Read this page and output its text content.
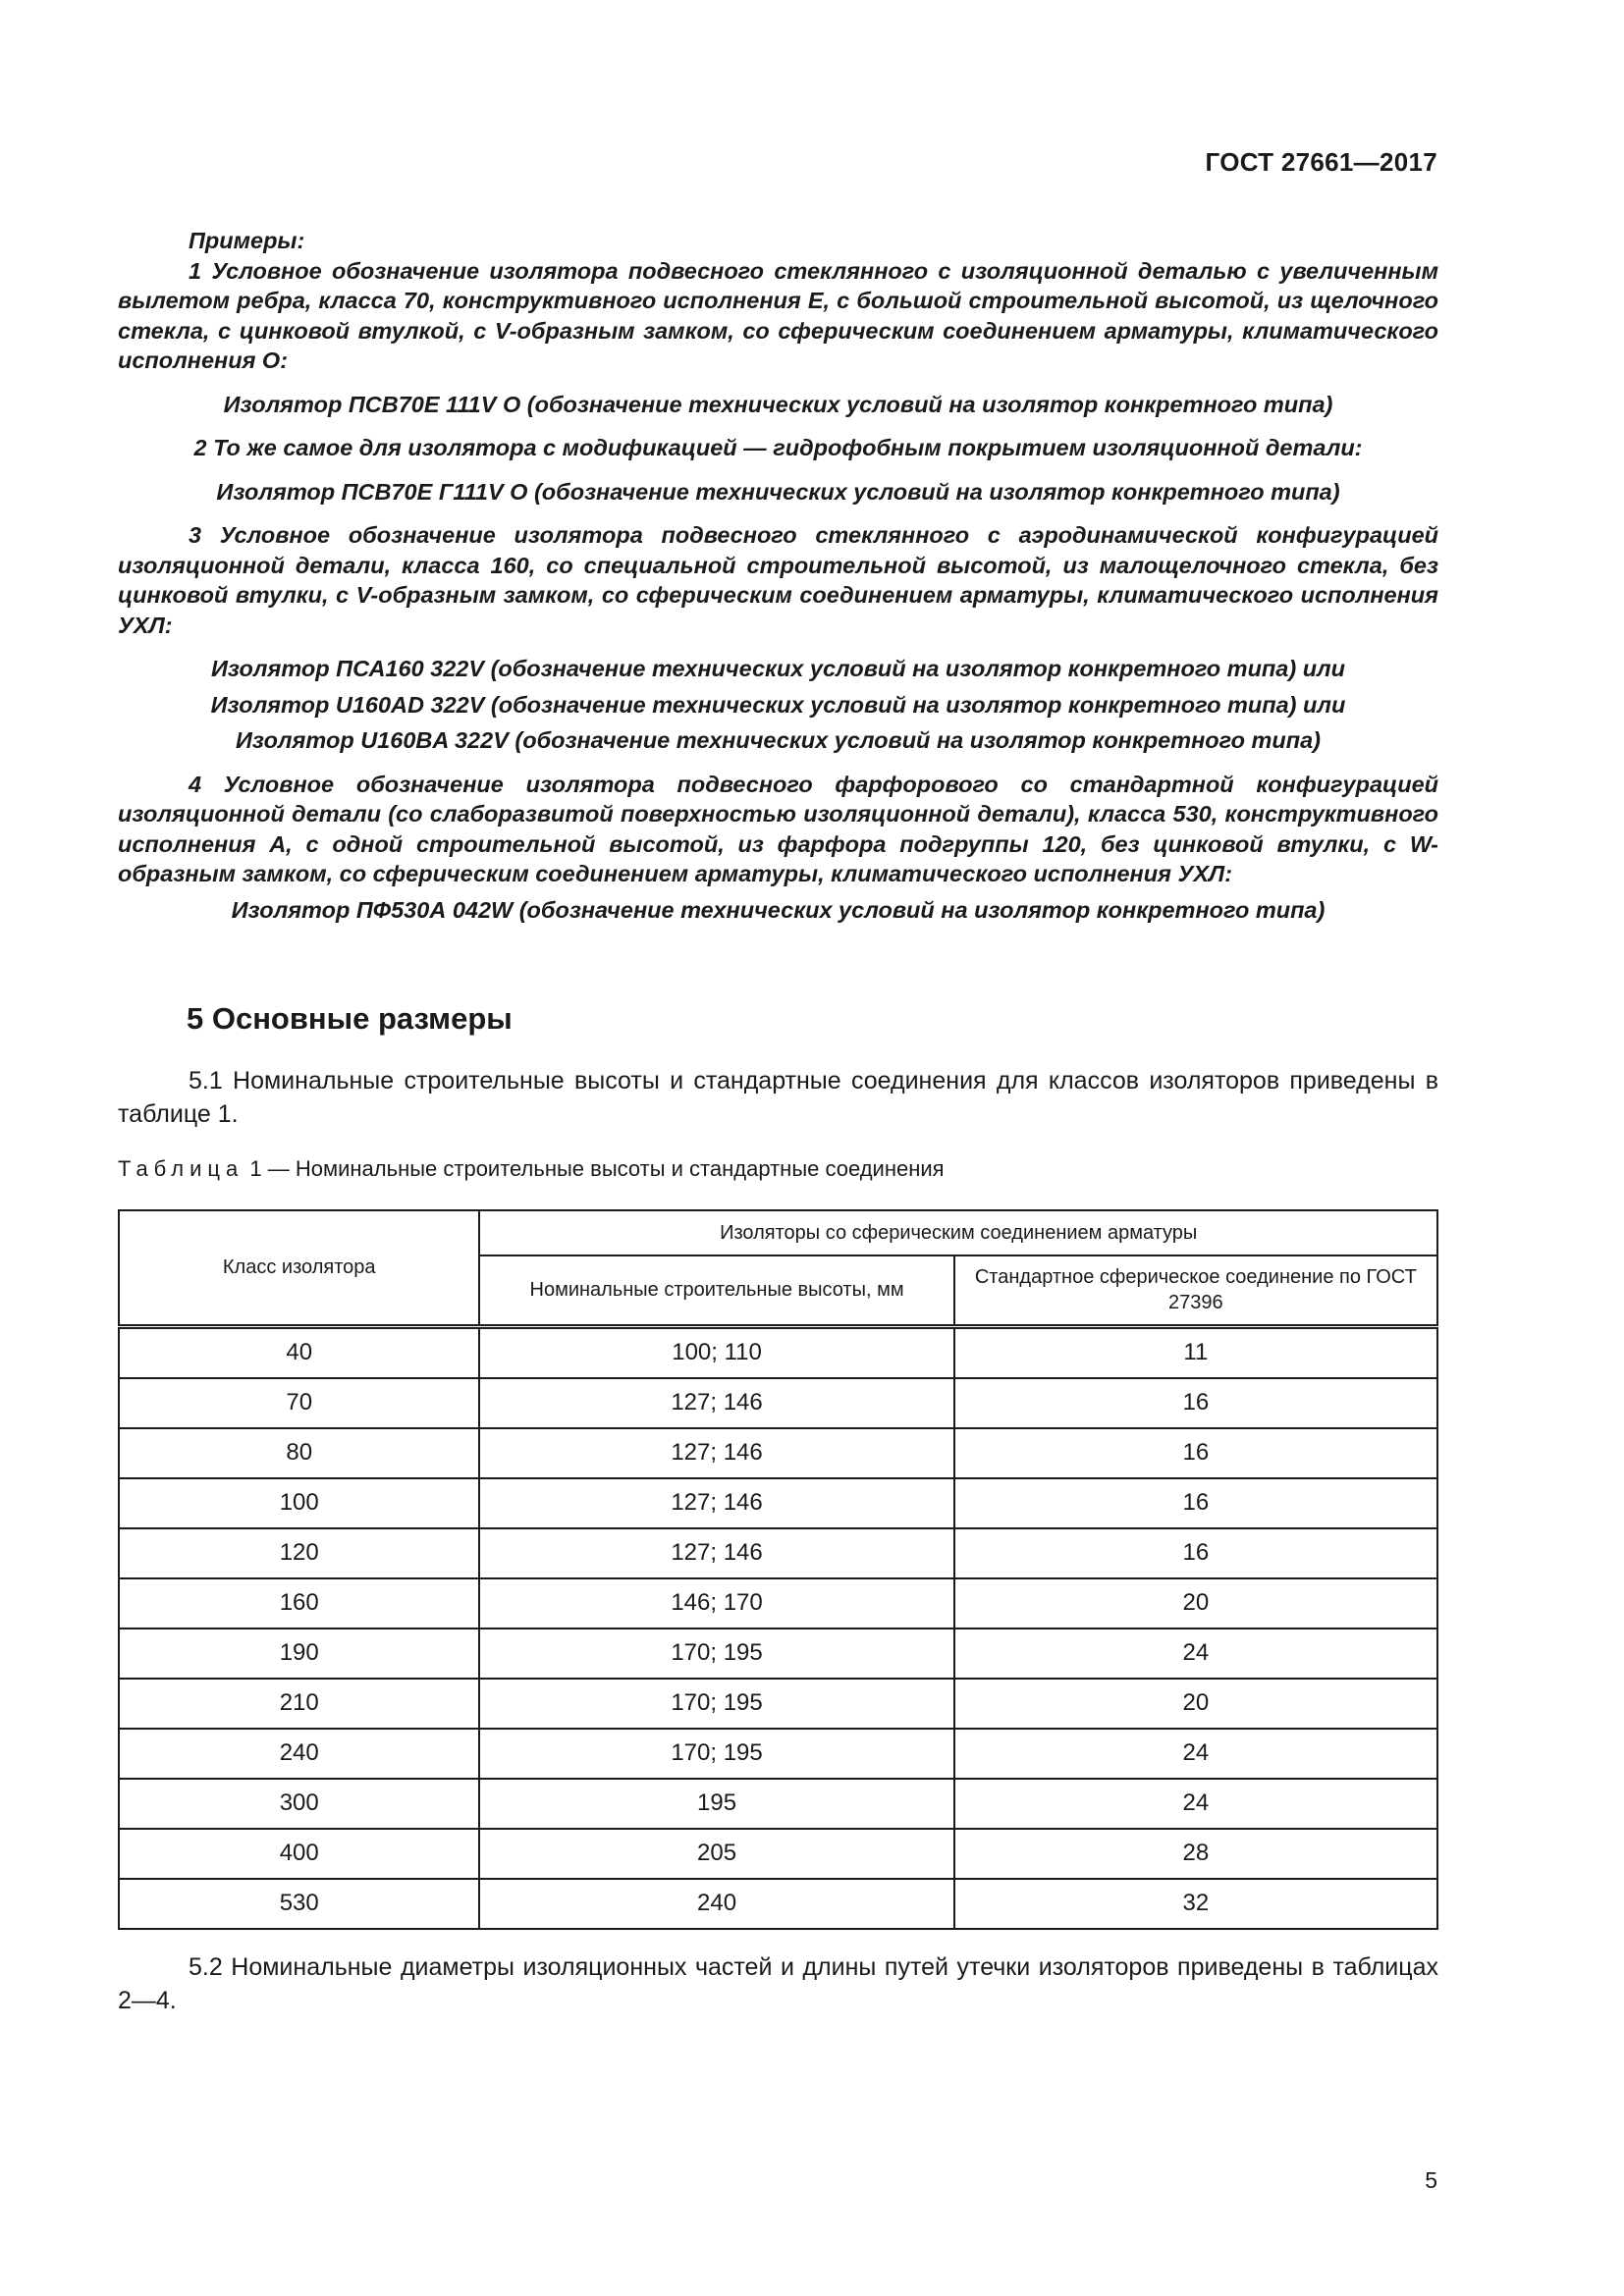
ГОСТ 27661—2017

Примеры:

1 Условное обозначение изолятора подвесного стеклянного с изоляционной деталью с увеличенным вылетом ребра, класса 70, конструктивного исполнения Е, с большой строительной высотой, из щелочного стекла, с цинковой втулкой, с V-образным замком, со сферическим соединением арматуры, климатического исполнения О:

Изолятор ПСВ70Е 111V О (обозначение технических условий на изолятор конкретного типа)

2 То же самое для изолятора с модификацией — гидрофобным покрытием изоляционной детали:

Изолятор ПСВ70Е Г111V О (обозначение технических условий на изолятор конкретного типа)

3 Условное обозначение изолятора подвесного стеклянного с аэродинамической конфигурацией изоляционной детали, класса 160, со специальной строительной высотой, из малощелочного стекла, без цинковой втулки, с V-образным замком, со сферическим соединением арматуры, климатического исполнения УХЛ:

Изолятор ПСА160 322V (обозначение технических условий на изолятор конкретного типа) или

Изолятор U160AD 322V (обозначение технических условий на изолятор конкретного типа) или

Изолятор U160BA 322V (обозначение технических условий на изолятор конкретного типа)

4 Условное обозначение изолятора подвесного фарфорового со стандартной конфигурацией изоляционной детали (со слаборазвитой поверхностью изоляционной детали), класса 530, конструктивного исполнения А, с одной строительной высотой, из фарфора подгруппы 120, без цинковой втулки, с W-образным замком, со сферическим соединением арматуры, климатического исполнения УХЛ:

Изолятор ПФ530А 042W (обозначение технических условий на изолятор конкретного типа)

5 Основные размеры

5.1 Номинальные строительные высоты и стандартные соединения для классов изоляторов приведены в таблице 1.

Таблица 1 — Номинальные строительные высоты и стандартные соединения
Класс изолятора	Изоляторы со сферическим соединением арматуры	
	Номинальные строительные высоты, мм	Стандартное сферическое соединение по ГОСТ 27396
40	100; 110	11
70	127; 146	16
80	127; 146	16
100	127; 146	16
120	127; 146	16
160	146; 170	20
190	170; 195	24
210	170; 195	20
240	170; 195	24
300	195	24
400	205	28
530	240	32

5.2 Номинальные диаметры изоляционных частей и длины путей утечки изоляторов приведены в таблицах 2—4.

5
